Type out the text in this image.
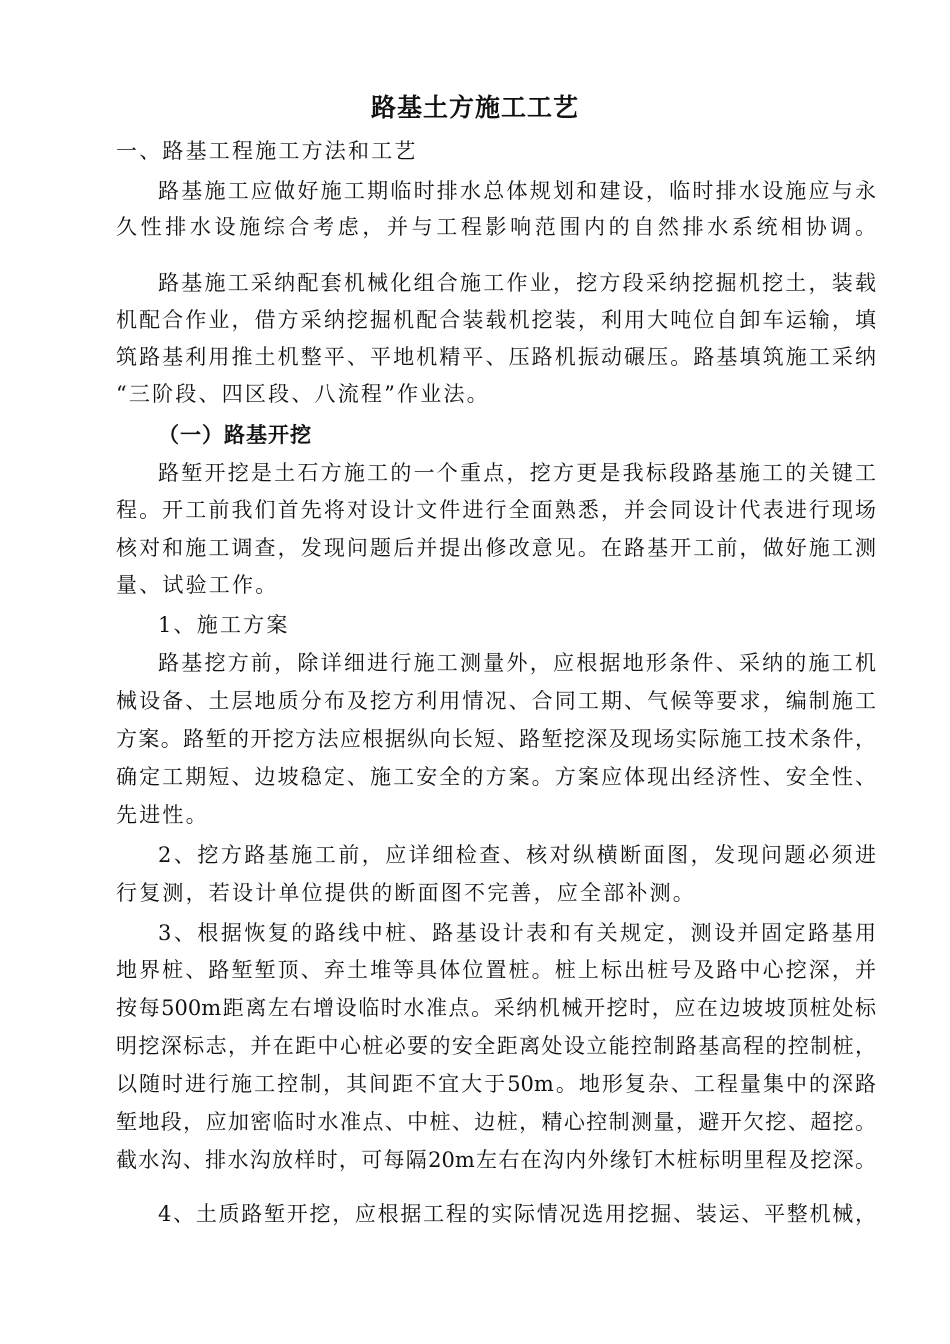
路基土方施工工艺
一、路基工程施工方法和工艺
路基施工应做好施工期临时排水总体规划和建设，临时排水设施应与永
久性排水设施综合考虑，并与工程影响范围内的自然排水系统相协调。
路基施工采纳配套机械化组合施工作业，挖方段采纳挖掘机挖土，装载
机配合作业，借方采纳挖掘机配合装载机挖装，利用大吨位自卸车运输，填
筑路基利用推土机整平、平地机精平、压路机振动碾压。路基填筑施工采纳
“三阶段、四区段、八流程”作业法。
（一）路基开挖
路堑开挖是土石方施工的一个重点，挖方更是我标段路基施工的关键工
程。开工前我们首先将对设计文件进行全面熟悉，并会同设计代表进行现场
核对和施工调查，发现问题后并提出修改意见。在路基开工前，做好施工测
量、试验工作。
1、施工方案
路基挖方前，除详细进行施工测量外，应根据地形条件、采纳的施工机
械设备、土层地质分布及挖方利用情况、合同工期、气候等要求，编制施工
方案。路堑的开挖方法应根据纵向长短、路堑挖深及现场实际施工技术条件，
确定工期短、边坡稳定、施工安全的方案。方案应体现出经济性、安全性、
先进性。
2、挖方路基施工前，应详细检查、核对纵横断面图，发现问题必须进
行复测，若设计单位提供的断面图不完善，应全部补测。
3、根据恢复的路线中桩、路基设计表和有关规定，测设并固定路基用
地界桩、路堑堑顶、弃土堆等具体位置桩。桩上标出桩号及路中心挖深，并
按每500m距离左右增设临时水准点。采纳机械开挖时，应在边坡坡顶桩处标
明挖深标志，并在距中心桩必要的安全距离处设立能控制路基高程的控制桩，
以随时进行施工控制，其间距不宜大于50m。地形复杂、工程量集中的深路
堑地段，应加密临时水准点、中桩、边桩，精心控制测量，避开欠挖、超挖。
截水沟、排水沟放样时，可每隔20m左右在沟内外缘钉木桩标明里程及挖深。
4、土质路堑开挖，应根据工程的实际情况选用挖掘、装运、平整机械，
